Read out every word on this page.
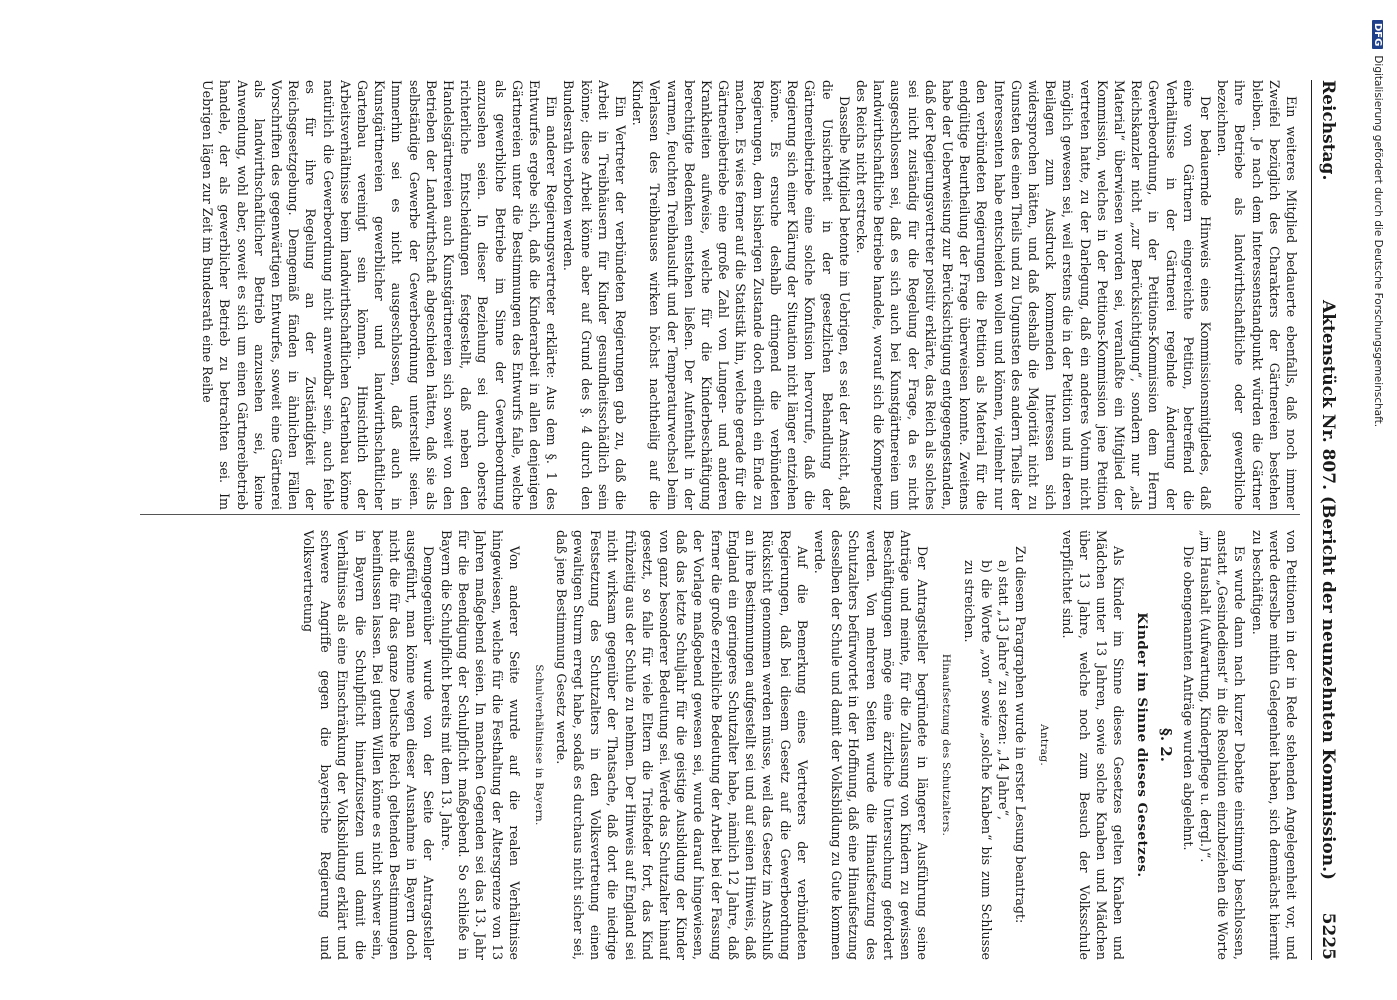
Reichstag.
Aktenstück Nr. 807. (Bericht der neunzehnten Kommission.)
5225

Ein weiteres Mitglied bedauerte ebenfalls, daß noch immer Zweifel bezüglich des Charakters der Gärtnereien bestehen bleiben. Je nach dem Interessenstandpunkt würden die Gärtner ihre Betriebe als landwirthschaftliche oder gewerbliche bezeichnen.

Der bedauernde Hinweis eines Kommissionsmitgliedes, daß eine von Gärtnern eingereichte Petition, betreffend die Verhältnisse in der Gärtnerei regelnde Änderung der Gewerbeordnung, in der Petitions-Kommission dem Herrn Reichskanzler nicht „zur Berücksichtigung“, sondern nur „als Material“ überwiesen worden sei, veranlaßte ein Mitglied der Kommission, welches in der Petitions-Kommission jene Petition vertreten hatte, zu der Darlegung, daß ein anderes Votum nicht möglich gewesen sei, weil erstens die in der Petition und in deren Beilagen zum Ausdruck kommenden Interessen sich widersprochen hätten, und daß deshalb die Majorität nicht zu Gunsten des einen Theils und zu Ungunsten des andern Theils der Interessenten habe entscheiden wollen und können, vielmehr nur den verbündeten Regierungen die Petition als Material für die endgültige Beurtheilung der Frage überweisen konnte. Zweitens habe der Ueberweisung zur Berücksichtigung entgegengestanden, daß der Regierungsvertreter positiv erklärte, das Reich als solches sei nicht zuständig für die Regelung der Frage, da es nicht ausgeschlossen sei, daß es sich auch bei Kunstgärtnereien um landwirthschaftliche Betriebe handele, worauf sich die Kompetenz des Reichs nicht erstrecke.

Dasselbe Mitglied betonte im Uebrigen, es sei der Ansicht, daß die Unsicherheit in der gesetzlichen Behandlung der Gärtnereibetriebe eine solche Konfusion hervorrufe, daß die Regierung sich einer Klärung der Situation nicht länger entziehen könne. Es ersuche deshalb dringend die verbündeten Regierungen, dem bisherigen Zustande doch endlich ein Ende zu machen. Es wies ferner auf die Statistik hin, welche gerade für die Gärtnereibetriebe eine große Zahl von Lungen- und anderen Krankheiten aufweise, welche für die Kinderbeschäftigung berechtigte Bedenken entstehen ließen. Der Aufenthalt in der warmen, feuchten Treibhausluft und der Temperaturwechsel beim Verlassen des Treibhauses wirken höchst nachtheilig auf die Kinder.

Ein Vertreter der verbündeten Regierungen gab zu, daß die Arbeit in Treibhäusern für Kinder gesundheitsschädlich sein könne; diese Arbeit könne aber auf Grund des §. 4 durch den Bundesrath verboten werden.

Ein anderer Regierungsvertreter erklärte: Aus dem §. 1 des Entwurfes ergebe sich, daß die Kinderarbeit in allen denjenigen Gärtnereien unter die Bestimmungen des Entwurfs falle, welche als gewerbliche Betriebe im Sinne der Gewerbeordnung anzusehen seien. In dieser Beziehung sei durch oberste richterliche Entscheidungen festgestellt, daß neben den Handelsgärtnereien auch Kunstgärtnereien sich soweit von den Betrieben der Landwirthschaft abgeschieden hätten, daß sie als selbständige Gewerbe der Gewerbeordnung unterstellt seien. Immerhin sei es nicht ausgeschlossen, daß auch in Kunstgärtnereien gewerblicher und landwirthschaftlicher Gartenbau vereinigt sein können. Hinsichtlich der Arbeitsverhältnisse beim landwirthschaftlichen Gartenbau könne natürlich die Gewerbeordnung nicht anwendbar sein, auch fehle es für ihre Regelung an der Zuständigkeit der Reichsgesetzgebung. Demgemäß fänden in ähnlichen Fällen Vorschriften des gegenwärtigen Entwurfes, soweit eine Gärtnerei als landwirthschaftlicher Betrieb anzusehen sei, keine Anwendung, wohl aber, soweit es sich um einen Gärtnereibetrieb handele, der als gewerblicher Betrieb zu betrachten sei. Im Uebrigen lägen zur Zeit im Bundesrath eine Reihe

von Petitionen in der in Rede stehenden Angelegenheit vor, und werde derselbe mithin Gelegenheit haben, sich demnächst hiermit zu beschäftigen.

Es wurde dann nach kurzer Debatte einstimmig beschlossen, anstatt „Gesindedienst“ in die Resolution einzubeziehen die Worte „im Haushalt (Aufwartung, Kinderpflege u. dergl.)“.

Die obengenannten Anträge wurden abgelehnt.

§. 2.

Kinder im Sinne dieses Gesetzes.

Als Kinder im Sinne dieses Gesetzes gelten Knaben und Mädchen unter 13 Jahren, sowie solche Knaben und Mädchen über 13 Jahre, welche noch zum Besuch der Volksschule verpflichtet sind.

Antrag.

Zu diesem Paragraphen wurde in erster Lesung beantragt:

a) statt „13 Jahre“ zu setzen: „14 Jahre“,

b) die Worte „von“ sowie „solche Knaben“ bis zum Schlusse zu streichen.

Hinaufsetzung des Schutzalters.

Der Antragsteller begründete in längerer Ausführung seine Anträge und meinte, für die Zulassung von Kindern zu gewissen Beschäftigungen möge eine ärztliche Untersuchung gefordert werden. Von mehreren Seiten wurde die Hinaufsetzung des Schutzalters befürwortet in der Hoffnung, daß eine Hinaufsetzung desselben der Schule und damit der Volksbildung zu Gute kommen werde.

Auf die Bemerkung eines Vertreters der verbündeten Regierungen, daß bei diesem Gesetz auf die Gewerbeordnung Rücksicht genommen werden müsse, weil das Gesetz im Anschluß an ihre Bestimmungen aufgestellt sei und auf seinen Hinweis, daß England ein geringeres Schutzalter habe, nämlich 12 Jahre, daß ferner die große erziehliche Bedeutung der Arbeit bei der Fassung der Vorlage maßgebend gewesen sei, wurde darauf hingewiesen, daß das letzte Schuljahr für die geistige Ausbildung der Kinder von ganz besonderer Bedeutung sei. Werde das Schutzalter hinauf gesetzt, so falle für viele Eltern die Triebfeder fort, das Kind frühzeitig aus der Schule zu nehmen. Der Hinweis auf England sei nicht wirksam gegenüber der Thatsache, daß dort die niedrige Festsetzung des Schutzalters in den Volksvertretung einen gewaltigen Sturm erregt habe, sodaß es durchaus nicht sicher sei, daß jene Bestimmung Gesetz werde.

Schulverhältnisse in Bayern.

Von anderer Seite wurde auf die realen Verhältnisse hingewiesen, welche für die Festhaltung der Altersgrenze von 13 Jahren maßgebend seien. In manchen Gegenden sei das 13. Jahr für die Beendigung der Schulpflicht maßgebend. So schließe in Bayern die Schulpflicht bereits mit dem 13. Jahre.

Demgegenüber wurde von der Seite der Antragsteller ausgeführt, man könne wegen dieser Ausnahme in Bayern doch nicht die für das ganze Deutsche Reich geltenden Bestimmungen beeinflussen lassen. Bei gutem Willen könne es nicht schwer sein, in Bayern die Schulpflicht hinaufzusetzen und damit die Verhältnisse als eine Einschränkung der Volksbildung erklärt und schwere Angriffe gegen die bayerische Regierung und Volksvertretung

DFGDigitalisierung gefördert durch die Deutsche Forschungsgemeinschaft.
